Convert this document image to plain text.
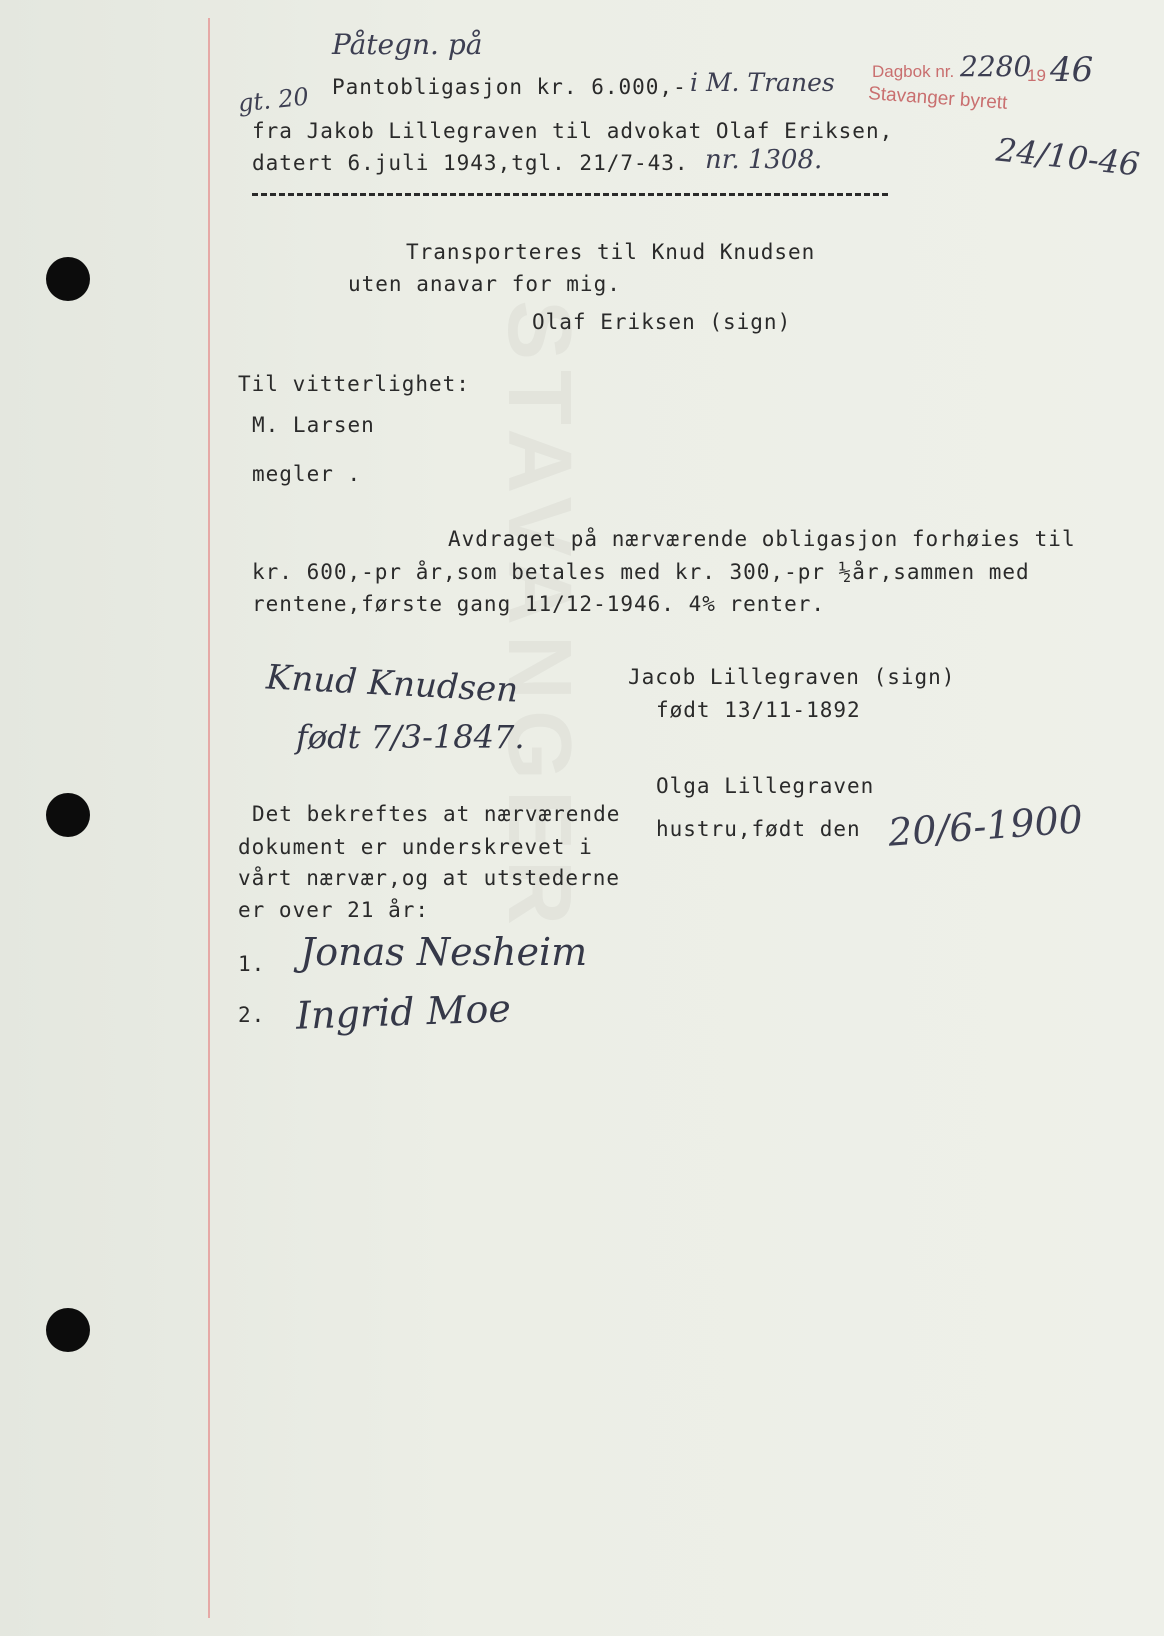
STAVANGER
Påtegn. på
gt. 20 Pantobligasjon kr. 6.000,- i M. Tranes
fra Jakob Lillegraven til advokat Olaf Eriksen,
datert 6.juli 1943,tgl. 21/7-43. nr. 1308.
Dagbok nr. 2280
19 46
Stavanger byrett
24/10-46
Transporteres til Knud Knudsen
uten anavar for mig.
Olaf Eriksen (sign)
Til vitterlighet:
M. Larsen
megler .
Avdraget på nærværende obligasjon forhøies til
kr. 600,-pr år,som betales med kr. 300,-pr ½år,sammen med
rentene,første gang 11/12-1946. 4% renter.
Knud Knudsen
født 7/3-1847.
Jacob Lillegraven (sign)
født 13/11-1892
Olga Lillegraven
hustru,født den 20/6-1900
Det bekreftes at nærværende
dokument er underskrevet i
vårt nærvær,og at utstederne
er over 21 år:
1. Jonas Nesheim
2. Ingrid Moe
